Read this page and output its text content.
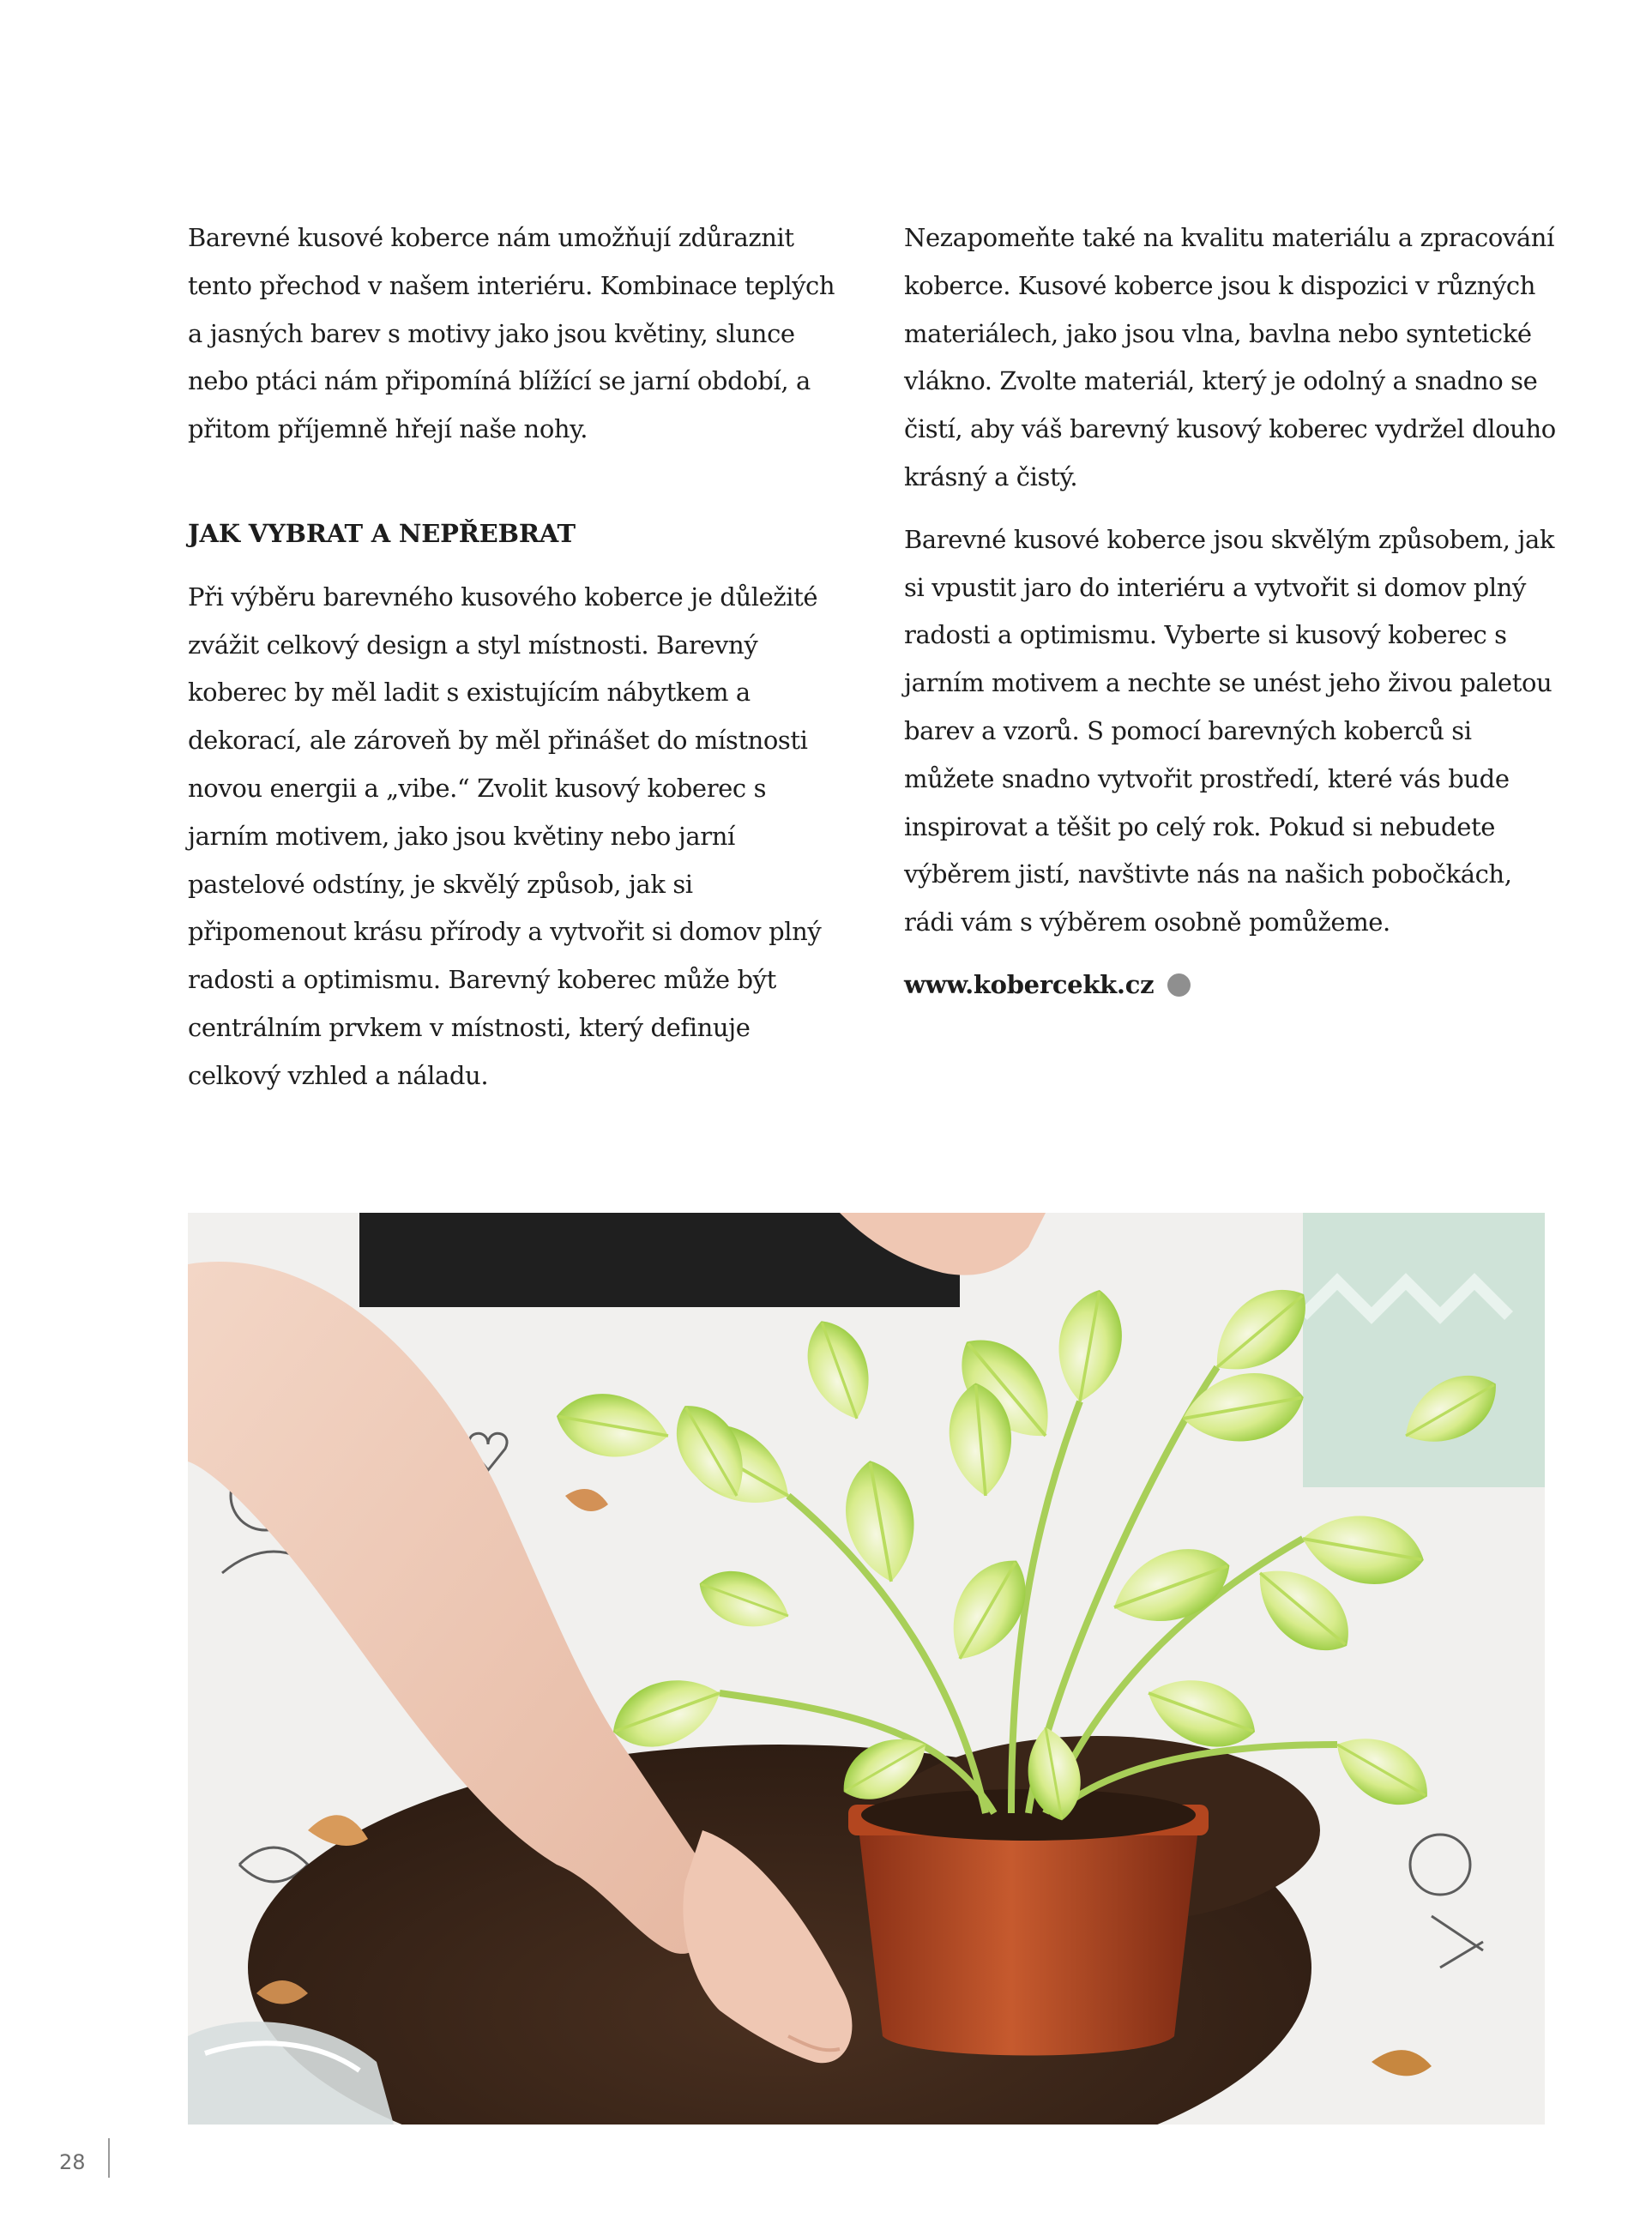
Barevné kusové koberce nám umožňují zdůraznit tento přechod v našem interiéru. Kombinace teplých a jasných barev s motivy jako jsou květiny, slunce nebo ptáci nám připomíná blížící se jarní období, a přitom příjemně hřejí naše nohy.

JAK VYBRAT A NEPŘEBRAT

Při výběru barevného kusového koberce je důležité zvážit celkový design a styl místnosti. Barevný koberec by měl ladit s existujícím nábytkem a dekorací, ale zároveň by měl přinášet do místnosti novou energii a „vibe.“ Zvolit kusový koberec s jarním motivem, jako jsou květiny nebo jarní pastelové odstíny, je skvělý způsob, jak si připomenout krásu přírody a vytvořit si domov plný radosti a optimismu. Barevný koberec může být centrálním prvkem v místnosti, který definuje celkový vzhled a náladu.

Nezapomeňte také na kvalitu materiálu a zpracování koberce. Kusové koberce jsou k dispozici v různých materiálech, jako jsou vlna, bavlna nebo syntetické vlákno. Zvolte materiál, který je odolný a snadno se čistí, aby váš barevný kusový koberec vydržel dlouho krásný a čistý.

Barevné kusové koberce jsou skvělým způsobem, jak si vpustit jaro do interiéru a vytvořit si domov plný radosti a optimismu. Vyberte si kusový koberec s jarním motivem a nechte se unést jeho živou paletou barev a vzorů. S pomocí barevných koberců si můžete snadno vytvořit prostředí, které vás bude inspirovat a těšit po celý rok. Pokud si nebudete výběrem jistí, navštivte nás na našich pobočkách, rádi vám s výběrem osobně pomůžeme.

www.kobercekk.cz
28
